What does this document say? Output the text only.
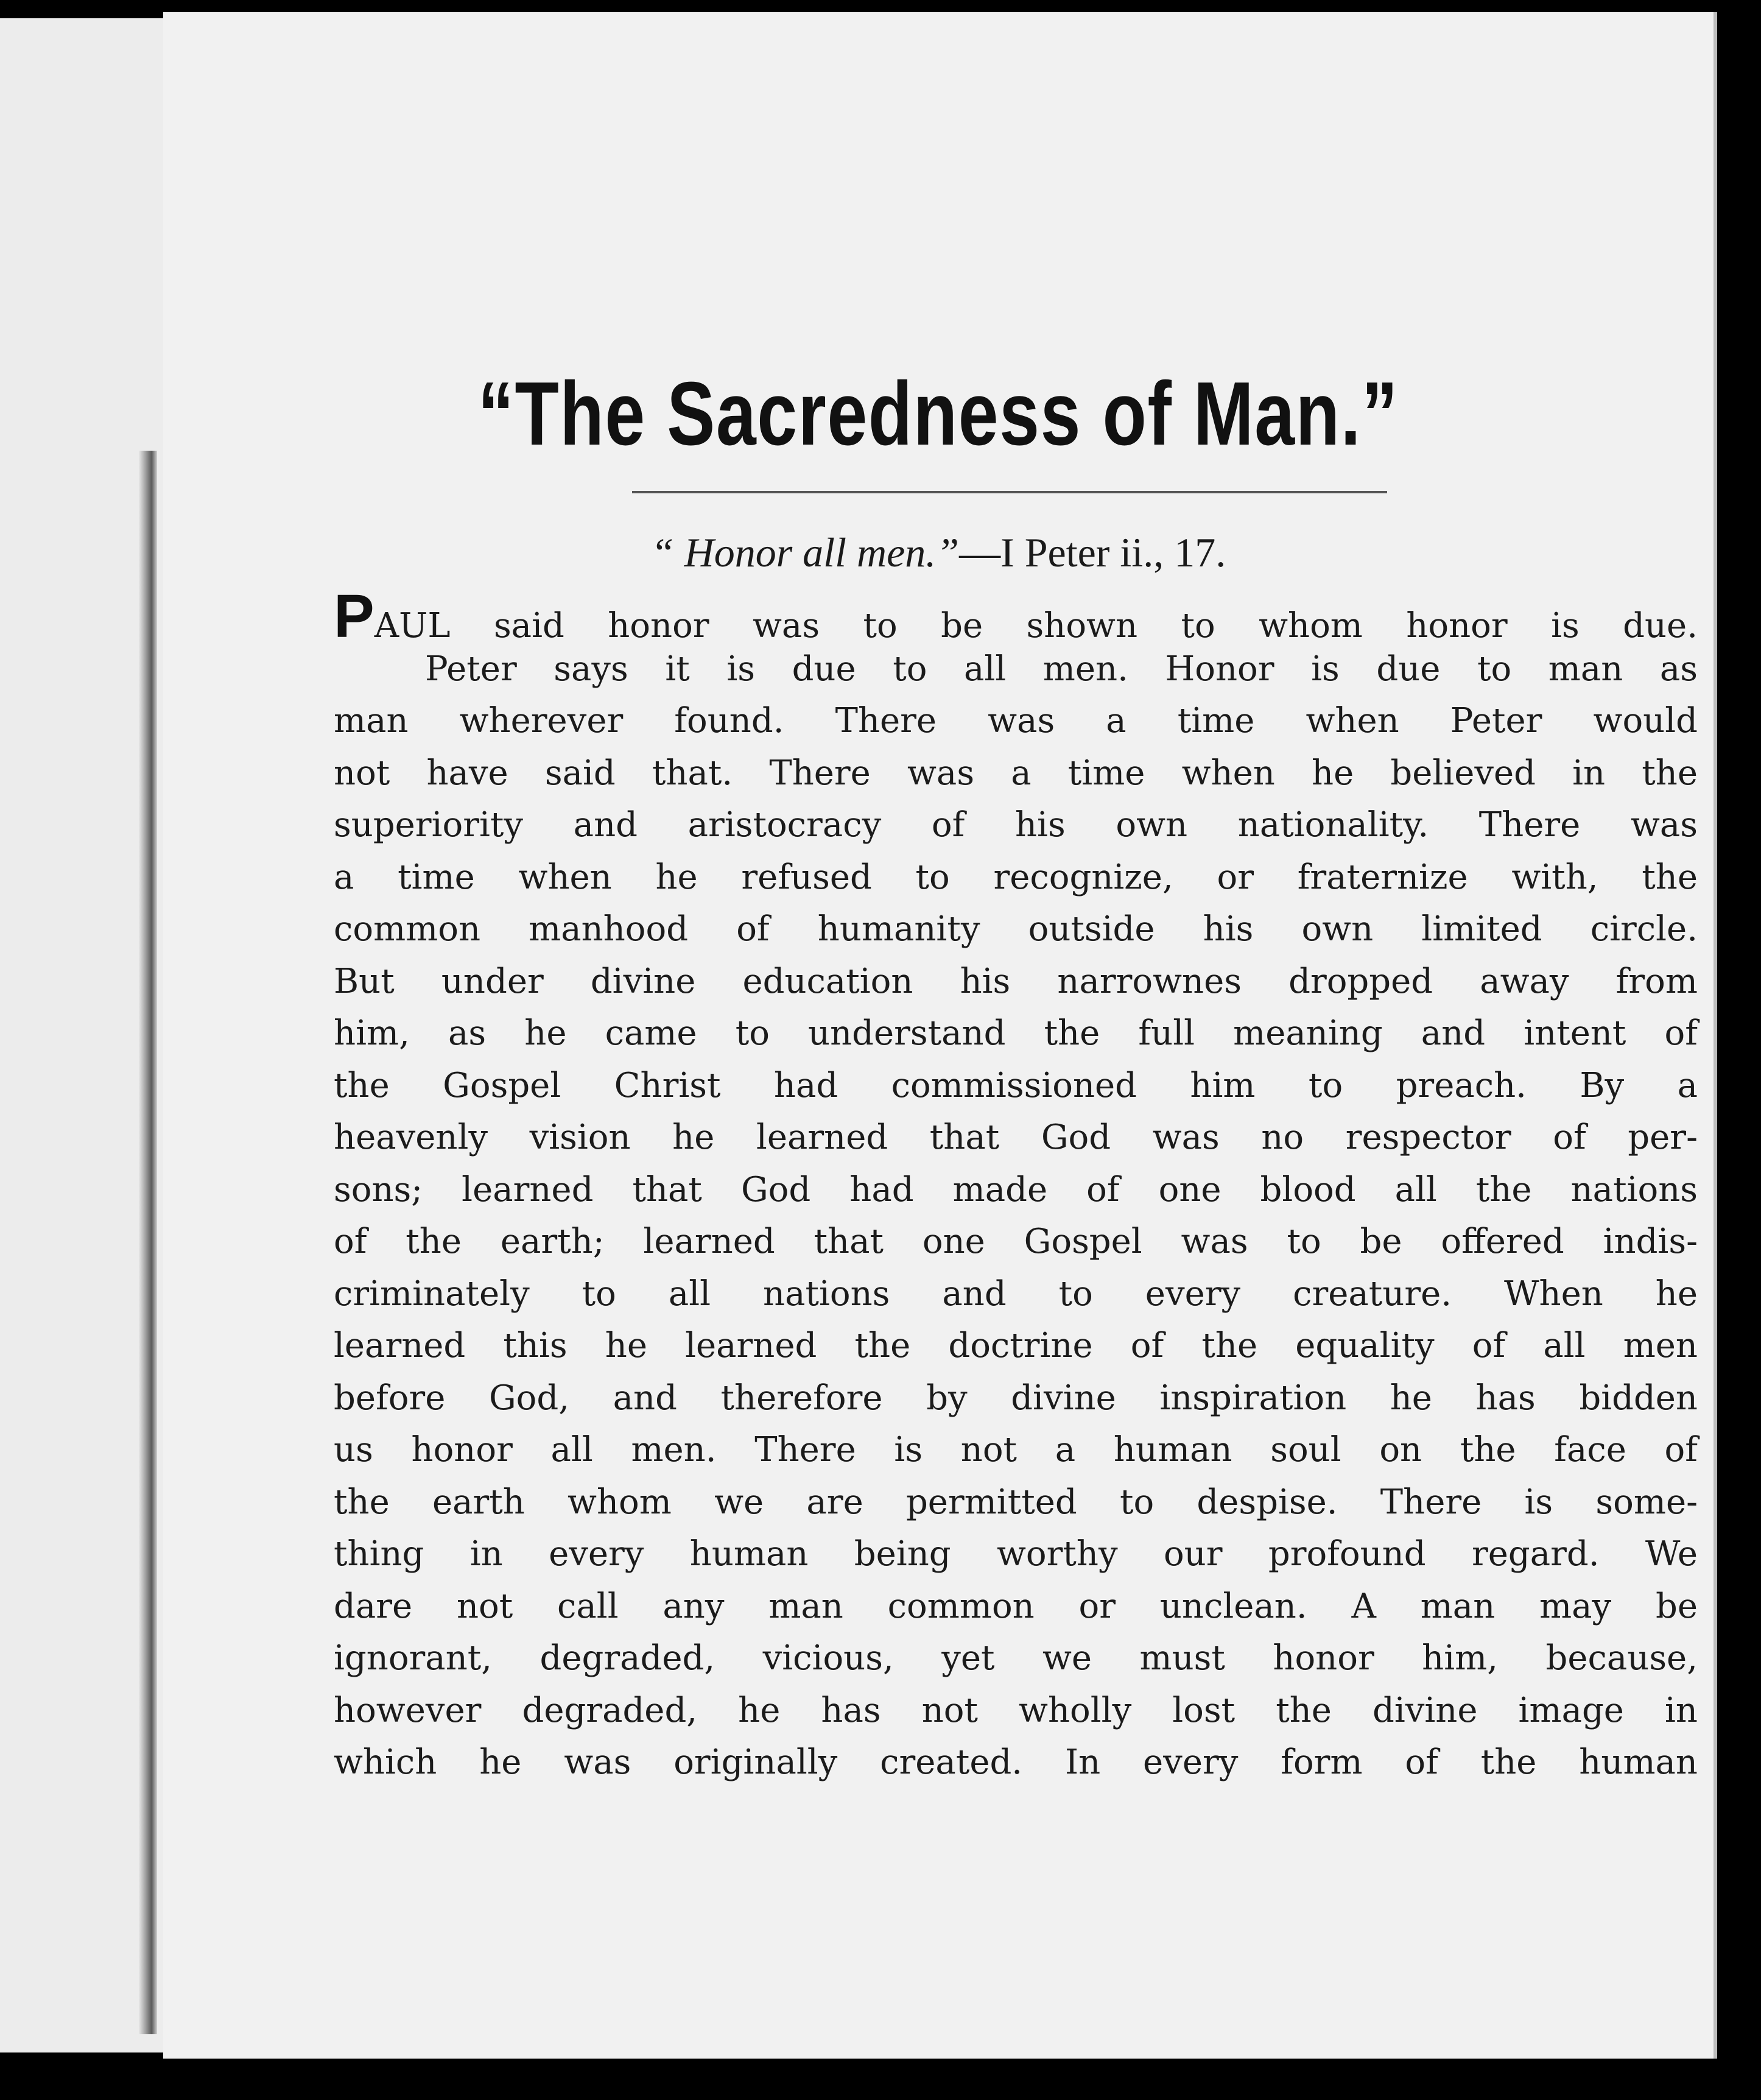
“The Sacredness of Man.”
“ Honor all men.”—I Peter ii., 17.
PAUL said honor was to be shown to whom honor is due.
Peter says it is due to all men. Honor is due to man as
man wherever found. There was a time when Peter would
not have said that. There was a time when he believed in the
superiority and aristocracy of his own nationality. There was
a time when he refused to recognize, or fraternize with, the
common manhood of humanity outside his own limited circle.
But under divine education his narrownes dropped away from
him, as he came to understand the full meaning and intent of
the Gospel Christ had commissioned him to preach. By a
heavenly vision he learned that God was no respector of per-
sons; learned that God had made of one blood all the nations
of the earth; learned that one Gospel was to be offered indis-
criminately to all nations and to every creature. When he
learned this he learned the doctrine of the equality of all men
before God, and therefore by divine inspiration he has bidden
us honor all men. There is not a human soul on the face of
the earth whom we are permitted to despise. There is some-
thing in every human being worthy our profound regard. We
dare not call any man common or unclean. A man may be
ignorant, degraded, vicious, yet we must honor him, because,
however degraded, he has not wholly lost the divine image in
which he was originally created. In every form of the human
